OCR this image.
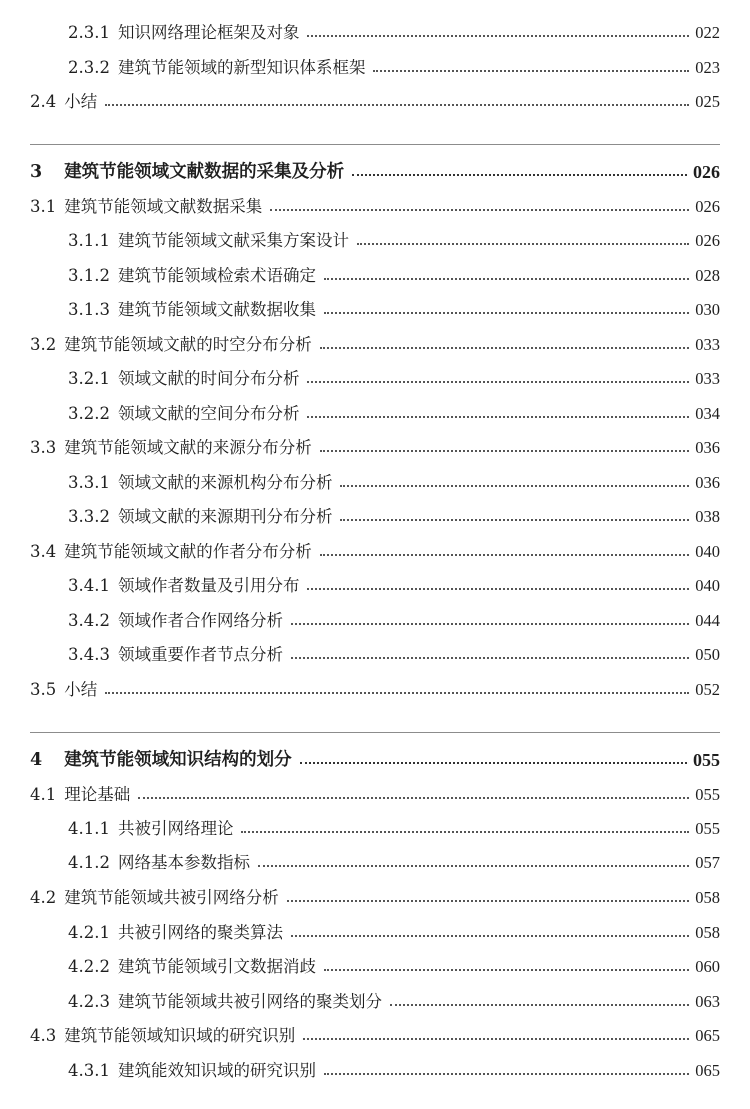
2.3.1 知识网络理论框架及对象	022
2.3.2 建筑节能领域的新型知识体系框架	023
2.4 小结	025
3 建筑节能领域文献数据的采集及分析	026
3.1 建筑节能领域文献数据采集	026
3.1.1 建筑节能领域文献采集方案设计	026
3.1.2 建筑节能领域检索术语确定	028
3.1.3 建筑节能领域文献数据收集	030
3.2 建筑节能领域文献的时空分布分析	033
3.2.1 领域文献的时间分布分析	033
3.2.2 领域文献的空间分布分析	034
3.3 建筑节能领域文献的来源分布分析	036
3.3.1 领域文献的来源机构分布分析	036
3.3.2 领域文献的来源期刊分布分析	038
3.4 建筑节能领域文献的作者分布分析	040
3.4.1 领域作者数量及引用分布	040
3.4.2 领域作者合作网络分析	044
3.4.3 领域重要作者节点分析	050
3.5 小结	052
4 建筑节能领域知识结构的划分	055
4.1 理论基础	055
4.1.1 共被引网络理论	055
4.1.2 网络基本参数指标	057
4.2 建筑节能领域共被引网络分析	058
4.2.1 共被引网络的聚类算法	058
4.2.2 建筑节能领域引文数据消歧	060
4.2.3 建筑节能领域共被引网络的聚类划分	063
4.3 建筑节能领域知识域的研究识别	065
4.3.1 建筑能效知识域的研究识别	065
